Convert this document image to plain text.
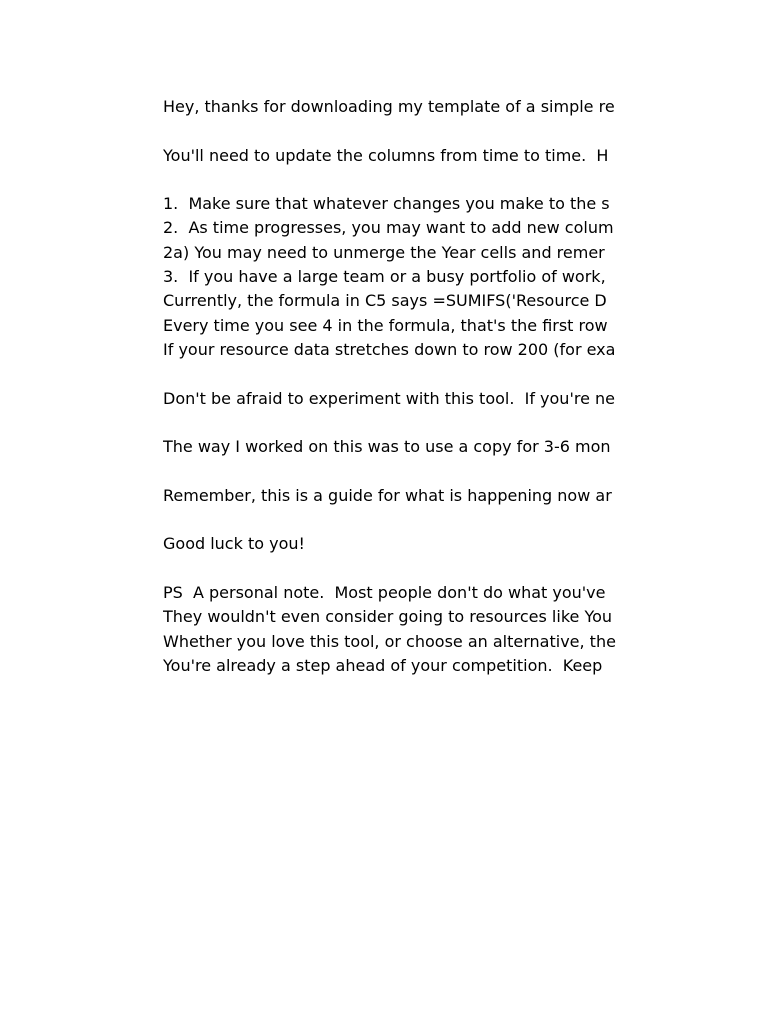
Hey, thanks for downloading my template of a simple re
You'll need to update the columns from time to time.  H
1.  Make sure that whatever changes you make to the s
2.  As time progresses, you may want to add new colum
2a) You may need to unmerge the Year cells and remer
3.  If you have a large team or a busy portfolio of work,
Currently, the formula in C5 says =SUMIFS('Resource D
Every time you see 4 in the formula, that's the first row
If your resource data stretches down to row 200 (for exa
Don't be afraid to experiment with this tool.  If you're ne
The way I worked on this was to use a copy for 3-6 mon
Remember, this is a guide for what is happening now ar
Good luck to you!
PS  A personal note.  Most people don't do what you've
They wouldn't even consider going to resources like You
Whether you love this tool, or choose an alternative, the
You're already a step ahead of your competition.  Keep
